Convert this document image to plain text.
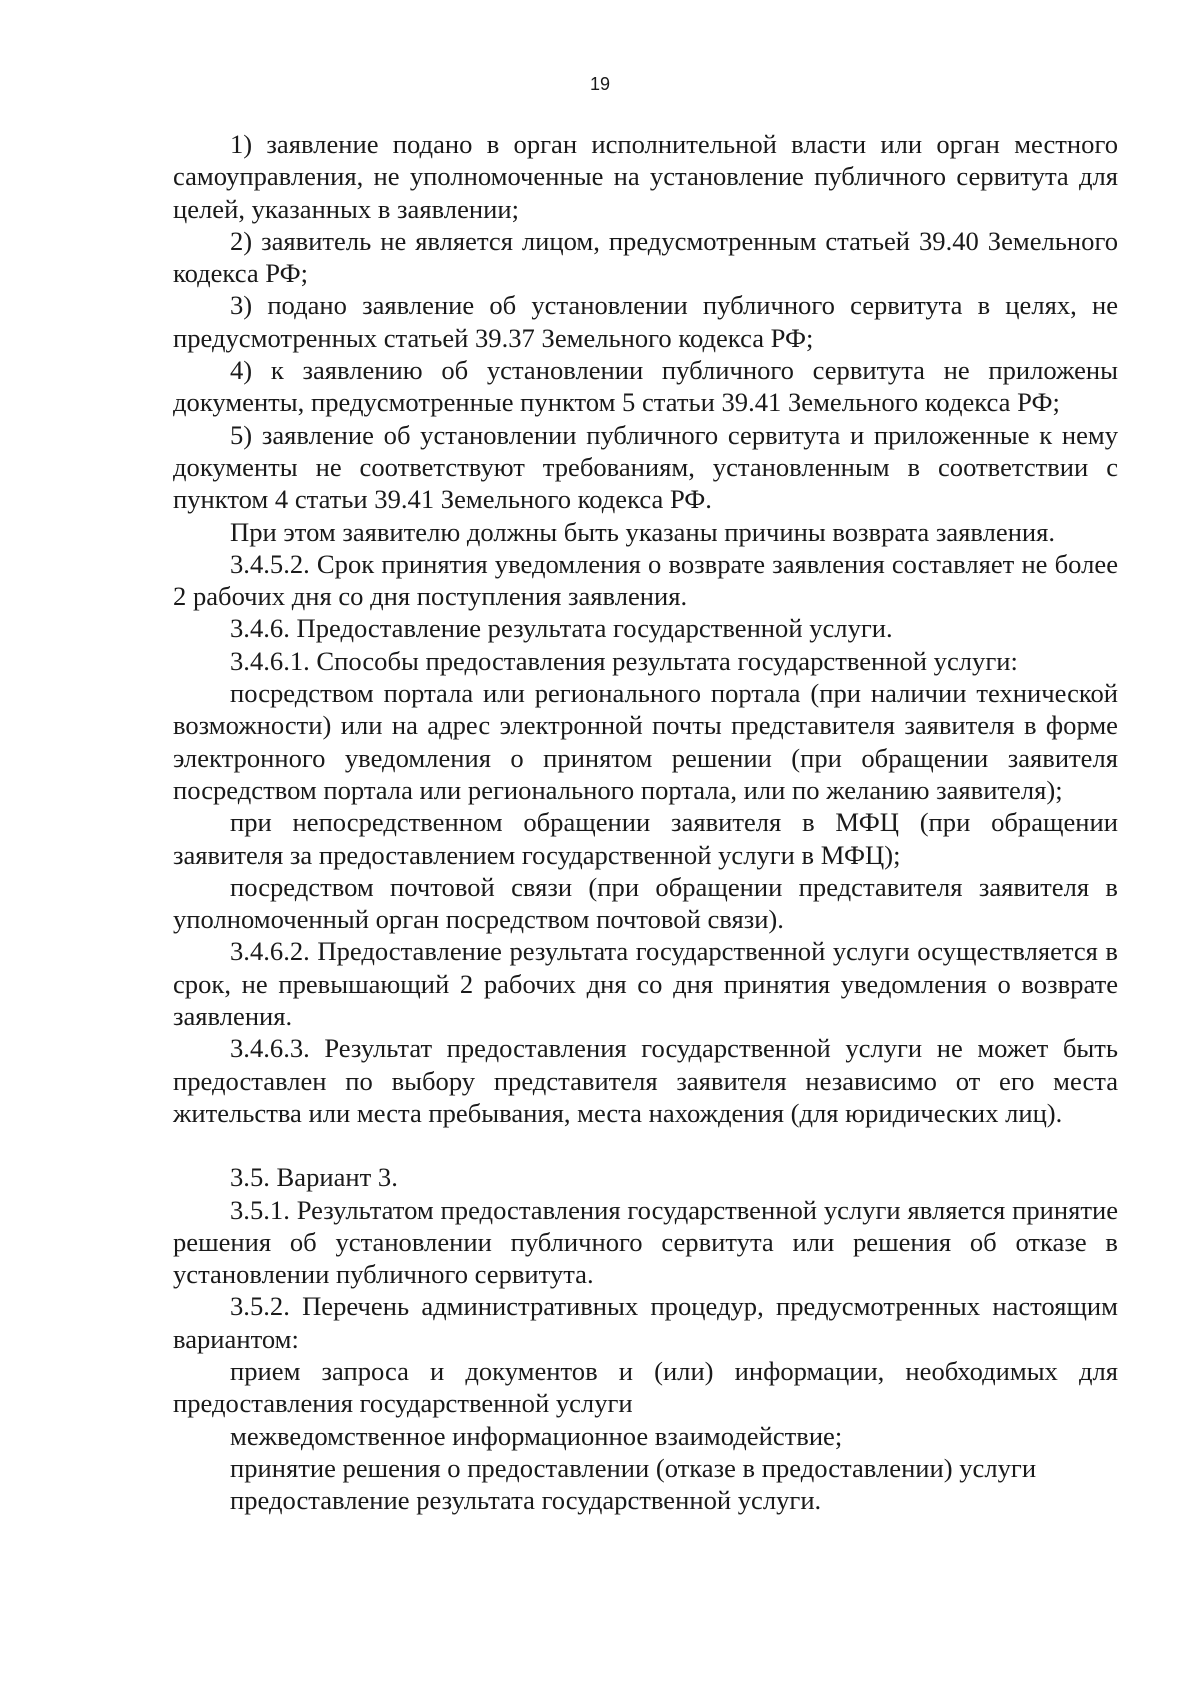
19

1) заявление подано в орган исполнительной власти или орган местного самоуправления, не уполномоченные на установление публичного сервитута для целей, указанных в заявлении;

2) заявитель не является лицом, предусмотренным статьей 39.40 Земельного кодекса РФ;

3) подано заявление об установлении публичного сервитута в целях, не предусмотренных статьей 39.37 Земельного кодекса РФ;

4) к заявлению об установлении публичного сервитута не приложены документы, предусмотренные пунктом 5 статьи 39.41 Земельного кодекса РФ;

5) заявление об установлении публичного сервитута и приложенные к нему документы не соответствуют требованиям, установленным в соответствии с пунктом 4 статьи 39.41 Земельного кодекса РФ.

При этом заявителю должны быть указаны причины возврата заявления.

3.4.5.2. Срок принятия уведомления о возврате заявления составляет не более 2 рабочих дня со дня поступления заявления.

3.4.6. Предоставление результата государственной услуги.

3.4.6.1. Способы предоставления результата государственной услуги:

посредством портала или регионального портала (при наличии технической возможности) или на адрес электронной почты представителя заявителя в форме электронного уведомления о принятом решении (при обращении заявителя посредством портала или регионального портала, или по желанию заявителя);

при непосредственном обращении заявителя в МФЦ (при обращении заявителя за предоставлением государственной услуги в МФЦ);

посредством почтовой связи (при обращении представителя заявителя в уполномоченный орган посредством почтовой связи).

3.4.6.2. Предоставление результата государственной услуги осуществляется в срок, не превышающий 2 рабочих дня со дня принятия уведомления о возврате заявления.

3.4.6.3. Результат предоставления государственной услуги не может быть предоставлен по выбору представителя заявителя независимо от его места жительства или места пребывания, места нахождения (для юридических лиц).

3.5. Вариант 3.

3.5.1. Результатом предоставления государственной услуги является принятие решения об установлении публичного сервитута или решения об отказе в установлении публичного сервитута.

3.5.2. Перечень административных процедур, предусмотренных настоящим вариантом:

прием запроса и документов и (или) информации, необходимых для предоставления государственной услуги

межведомственное информационное взаимодействие;

принятие решения о предоставлении (отказе в предоставлении) услуги

предоставление результата государственной услуги.
